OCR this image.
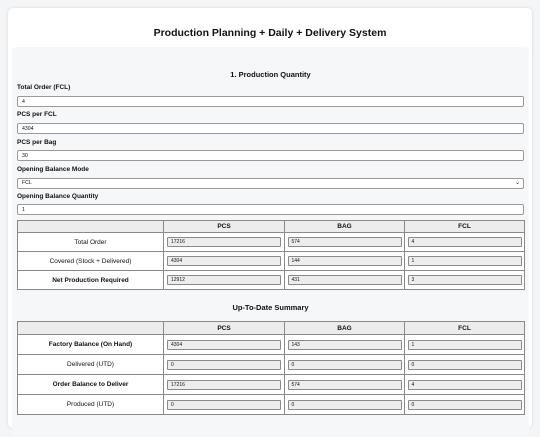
Production Planning + Daily + Delivery System
1. Production Quantity
Total Order (FCL)
4
PCS per FCL
4304
PCS per Bag
30
Opening Balance Mode
FCL	⌄
Opening Balance Quantity
1
	PCS	BAG	FCL
Total Order	17216	574	4

Covered (Stock + Delivered)	4304	144	1

Net Production Required	12912	431	3
Up-To-Date Summary
	PCS	BAG	FCL
Factory Balance (On Hand)	4304	143	1

Delivered (UTD)	0	0	0

Order Balance to Deliver	17216	574	4

Produced (UTD)	0	0	0
